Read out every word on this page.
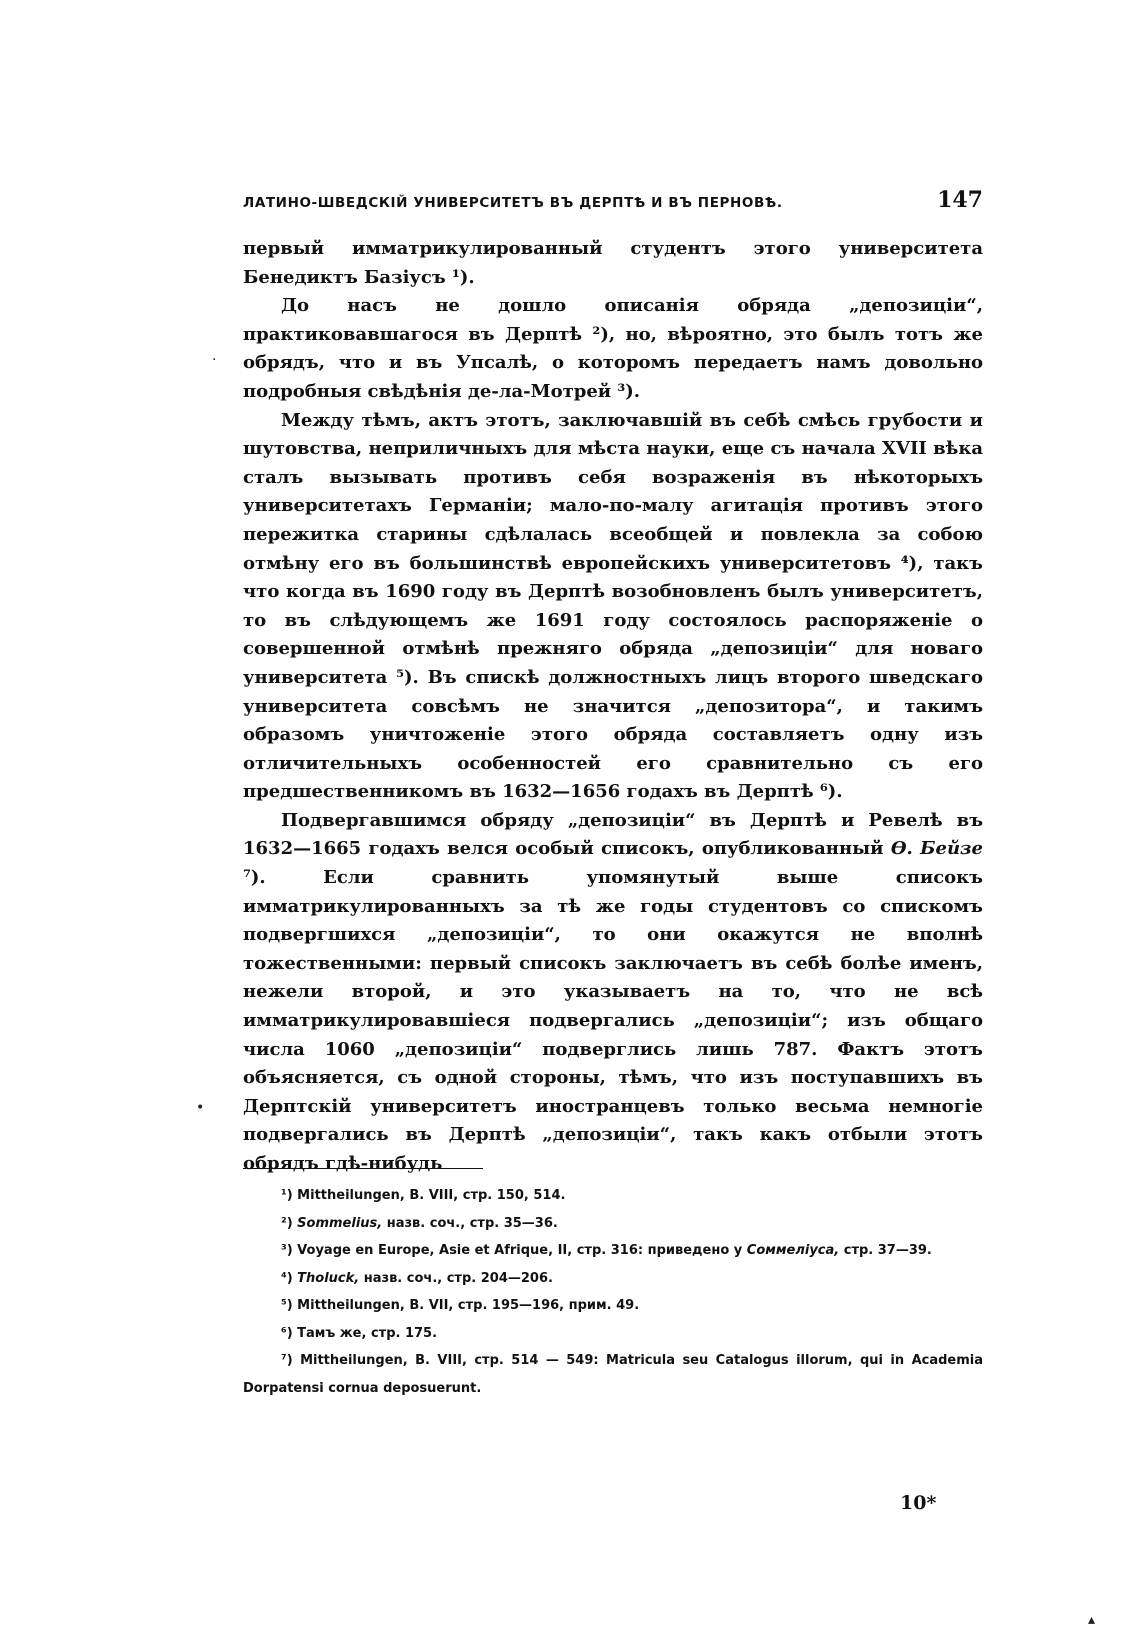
ЛАТИНО-ШВЕДСКІЙ УНИВЕРСИТЕТЪ ВЪ ДЕРПТѢ И ВЪ ПЕРНОВѢ.	147

первый имматрикулированный студентъ этого университета Бенедиктъ Базіусъ ¹).

До насъ не дошло описанія обряда „депозиціи“, практиковавшагося въ Дерптѣ ²), но, вѣроятно, это былъ тотъ же обрядъ, что и въ Упсалѣ, о которомъ передаетъ намъ довольно подробныя свѣдѣнія де-ла-Мотрей ³).

Между тѣмъ, актъ этотъ, заключавшій въ себѣ смѣсь грубости и шутовства, неприличныхъ для мѣста науки, еще съ начала XVII вѣка сталъ вызывать противъ себя возраженія въ нѣкоторыхъ университетахъ Германіи; мало-по-малу агитація противъ этого пережитка старины сдѣлалась всеобщей и повлекла за собою отмѣну его въ большинствѣ европейскихъ университетовъ ⁴), такъ что когда въ 1690 году въ Дерптѣ возобновленъ былъ университетъ, то въ слѣдующемъ же 1691 году состоялось распоряженіе о совершенной отмѣнѣ прежняго обряда „депозиціи“ для новаго университета ⁵). Въ спискѣ должностныхъ лицъ второго шведскаго университета совсѣмъ не значится „депозитора“, и такимъ образомъ уничтоженіе этого обряда составляетъ одну изъ отличительныхъ особенностей его сравнительно съ его предшественникомъ въ 1632—1656 годахъ въ Дерптѣ ⁶).

Подвергавшимся обряду „депозиціи“ въ Дерптѣ и Ревелѣ въ 1632—1665 годахъ велся особый списокъ, опубликованный Ѳ. Бейзе ⁷). Если сравнить упомянутый выше списокъ имматрикулированныхъ за тѣ же годы студентовъ со спискомъ подвергшихся „депозиціи“, то они окажутся не вполнѣ тожественными: первый списокъ заключаетъ въ себѣ болѣе именъ, нежели второй, и это указываетъ на то, что не всѣ имматрикулировавшіеся подвергались „депозиціи“; изъ общаго числа 1060 „депозиціи“ подверглись лишь 787. Фактъ этотъ объясняется, съ одной стороны, тѣмъ, что изъ поступавшихъ въ Дерптскій университетъ иностранцевъ только весьма немногіе подвергались въ Дерптѣ „депозиціи“, такъ какъ отбыли этотъ обрядъ гдѣ-нибудь

¹) Mittheilungen, B. VIII, стр. 150, 514.

²) Sommelius, назв. соч., стр. 35—36.

³) Voyage en Europe, Asie et Afrique, II, стр. 316: приведено у Соммеліуса, стр. 37—39.

⁴) Tholuck, назв. соч., стр. 204—206.

⁵) Mittheilungen, B. VII, стр. 195—196, прим. 49.

⁶) Тамъ же, стр. 175.

⁷) Mittheilungen, B. VIII, стр. 514 — 549: Matricula seu Catalogus illorum, qui in Academia Dorpatensi cornua deposuerunt.

10*
•
·
▴
